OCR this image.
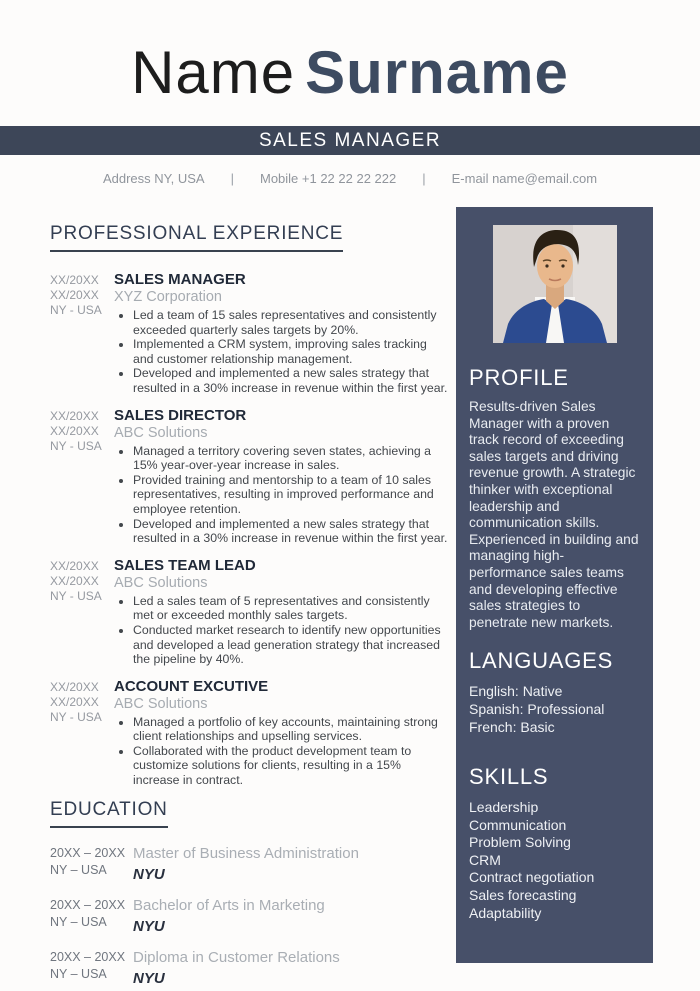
Name Surname
SALES MANAGER
Address NY, USA | Mobile +1 22 22 22 222 | E-mail name@email.com
PROFESSIONAL EXPERIENCE
XX/20XX
XX/20XX
NY - USA
SALES MANAGER
XYZ Corporation
• Led a team of 15 sales representatives and consistently exceeded quarterly sales targets by 20%.
• Implemented a CRM system, improving sales tracking and customer relationship management.
• Developed and implemented a new sales strategy that resulted in a 30% increase in revenue within the first year.
XX/20XX
XX/20XX
NY - USA
SALES DIRECTOR
ABC Solutions
• Managed a territory covering seven states, achieving a 15% year-over-year increase in sales.
• Provided training and mentorship to a team of 10 sales representatives, resulting in improved performance and employee retention.
• Developed and implemented a new sales strategy that resulted in a 30% increase in revenue within the first year.
XX/20XX
XX/20XX
NY - USA
SALES TEAM LEAD
ABC Solutions
• Led a sales team of 5 representatives and consistently met or exceeded monthly sales targets.
• Conducted market research to identify new opportunities and developed a lead generation strategy that increased the pipeline by 40%.
XX/20XX
XX/20XX
NY - USA
ACCOUNT EXCUTIVE
ABC Solutions
• Managed a portfolio of key accounts, maintaining strong client relationships and upselling services.
• Collaborated with the product development team to customize solutions for clients, resulting in a 15% increase in contract.
EDUCATION
20XX – 20XX
NY – USA
Master of Business Administration
NYU
20XX – 20XX
NY – USA
Bachelor of Arts in Marketing
NYU
20XX – 20XX
NY – USA
Diploma in Customer Relations
NYU
PROFILE
Results-driven Sales Manager with a proven track record of exceeding sales targets and driving revenue growth. A strategic thinker with exceptional leadership and communication skills. Experienced in building and managing high-performance sales teams and developing effective sales strategies to penetrate new markets.
LANGUAGES
English: Native
Spanish: Professional
French: Basic
SKILLS
Leadership
Communication
Problem Solving
CRM
Contract negotiation
Sales forecasting
Adaptability
